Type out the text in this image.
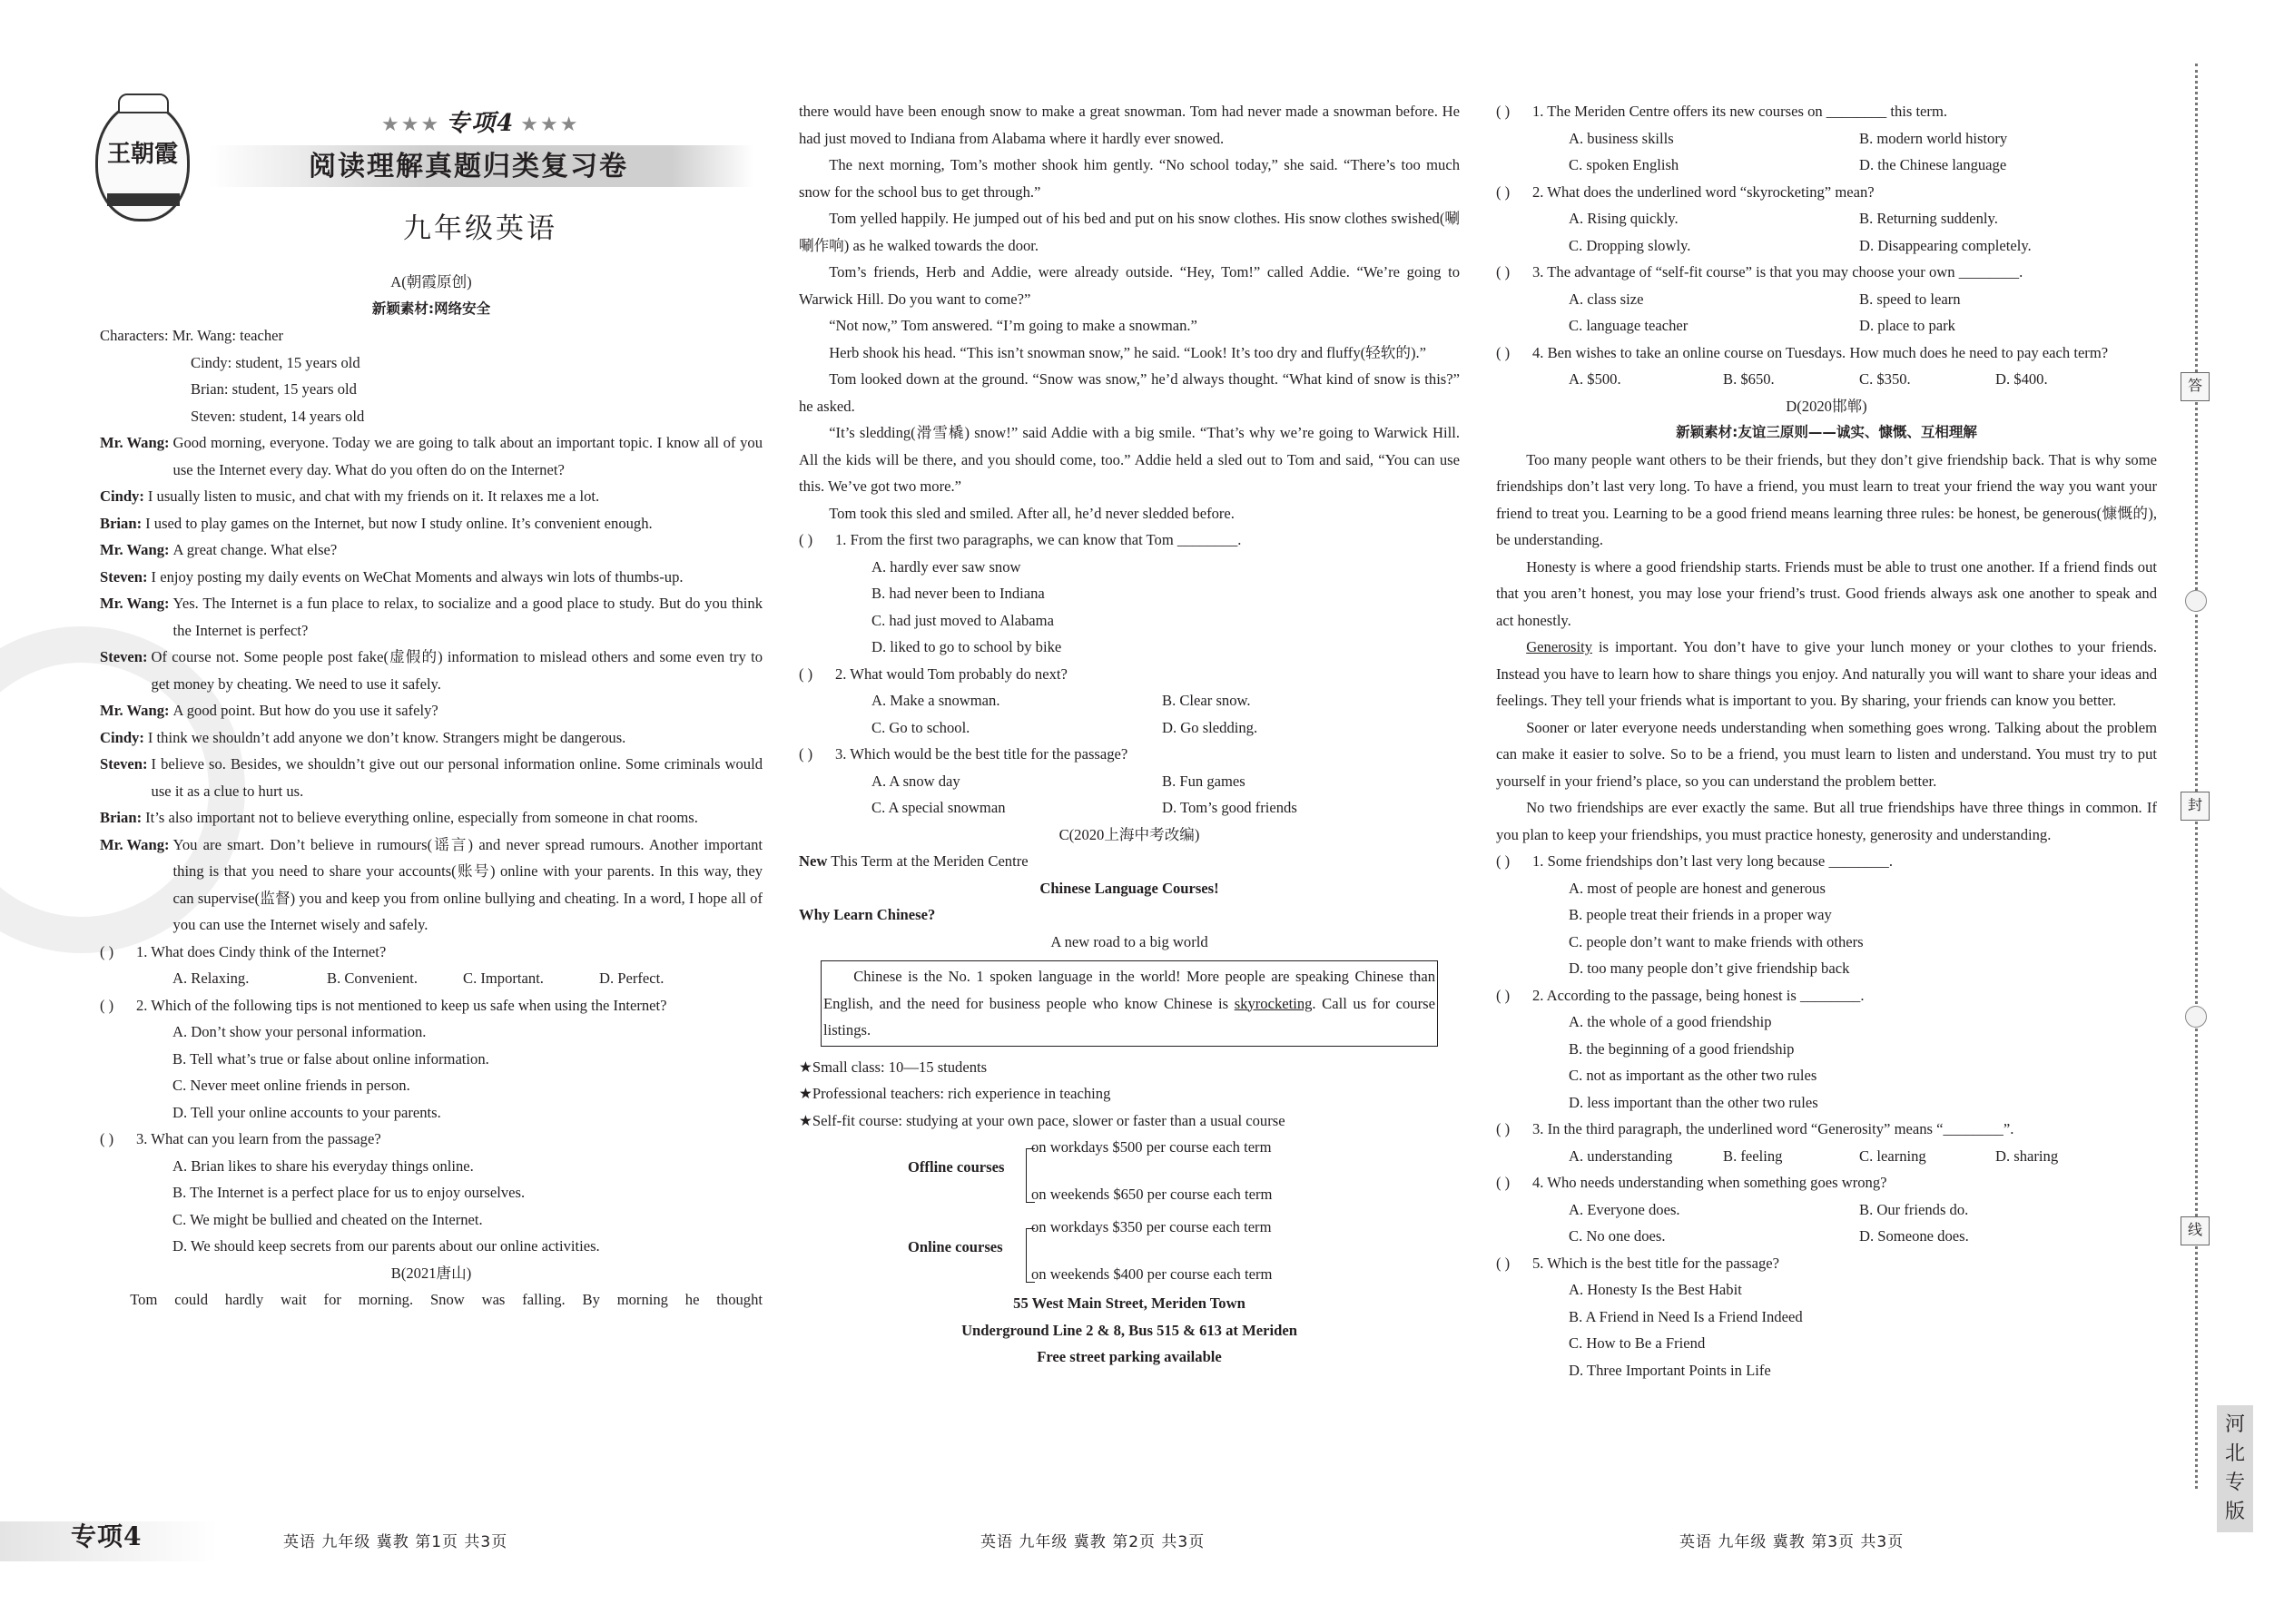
王朝霞
★★★ 专项4 ★★★
阅读理解真题归类复习卷
九年级英语
A(朝霞原创)
新颖素材:网络安全
Characters: Mr. Wang: teacher
Cindy: student, 15 years old
Brian: student, 15 years old
Steven: student, 14 years old
Mr. Wang: Good morning, everyone. Today we are going to talk about an important topic. I know all of you use the Internet every day. What do you often do on the Internet?
Cindy: I usually listen to music, and chat with my friends on it. It relaxes me a lot.
Brian: I used to play games on the Internet, but now I study online. It’s convenient enough.
Mr. Wang: A great change. What else?
Steven: I enjoy posting my daily events on WeChat Moments and always win lots of thumbs-up.
Mr. Wang: Yes. The Internet is a fun place to relax, to socialize and a good place to study. But do you think the Internet is perfect?
Steven: Of course not. Some people post fake(虚假的) information to mislead others and some even try to get money by cheating. We need to use it safely.
Mr. Wang: A good point. But how do you use it safely?
Cindy: I think we shouldn’t add anyone we don’t know. Strangers might be dangerous.
Steven: I believe so. Besides, we shouldn’t give out our personal information online. Some criminals would use it as a clue to hurt us.
Brian: It’s also important not to believe everything online, especially from someone in chat rooms.
Mr. Wang: You are smart. Don’t believe in rumours(谣言) and never spread rumours. Another important thing is that you need to share your accounts(账号) online with your parents. In this way, they can supervise(监督) you and keep you from online bullying and cheating. In a word, I hope all of you can use the Internet wisely and safely.
( )	1. What does Cindy think of the Internet?
A. Relaxing.	B. Convenient.	C. Important.	D. Perfect.
( )	2. Which of the following tips is not mentioned to keep us safe when using the Internet?
A. Don’t show your personal information.
B. Tell what’s true or false about online information.
C. Never meet online friends in person.
D. Tell your online accounts to your parents.
( )	3. What can you learn from the passage?
A. Brian likes to share his everyday things online.
B. The Internet is a perfect place for us to enjoy ourselves.
C. We might be bullied and cheated on the Internet.
D. We should keep secrets from our parents about our online activities.
B(2021唐山)
Tom could hardly wait for morning. Snow was falling. By morning he thought
there would have been enough snow to make a great snowman. Tom had never made a snowman before. He had just moved to Indiana from Alabama where it hardly ever snowed.
The next morning, Tom’s mother shook him gently. “No school today,” she said. “There’s too much snow for the school bus to get through.”
Tom yelled happily. He jumped out of his bed and put on his snow clothes. His snow clothes swished(唰唰作响) as he walked towards the door.
Tom’s friends, Herb and Addie, were already outside. “Hey, Tom!” called Addie. “We’re going to Warwick Hill. Do you want to come?”
“Not now,” Tom answered. “I’m going to make a snowman.”
Herb shook his head. “This isn’t snowman snow,” he said. “Look! It’s too dry and fluffy(轻软的).”
Tom looked down at the ground. “Snow was snow,” he’d always thought. “What kind of snow is this?” he asked.
“It’s sledding(滑雪橇) snow!” said Addie with a big smile. “That’s why we’re going to Warwick Hill. All the kids will be there, and you should come, too.” Addie held a sled out to Tom and said, “You can use this. We’ve got two more.”
Tom took this sled and smiled. After all, he’d never sledded before.
( )	1. From the first two paragraphs, we can know that Tom ________.
A. hardly ever saw snow
B. had never been to Indiana
C. had just moved to Alabama
D. liked to go to school by bike
( )	2. What would Tom probably do next?
A. Make a snowman.	B. Clear snow.
C. Go to school.	D. Go sledding.
( )	3. Which would be the best title for the passage?
A. A snow day	B. Fun games
C. A special snowman	D. Tom’s good friends
C(2020上海中考改编)
New This Term at the Meriden Centre
Chinese Language Courses!
Why Learn Chinese?
A new road to a big world
Chinese is the No. 1 spoken language in the world! More people are speaking Chinese than English, and the need for business people who know Chinese is skyrocketing. Call us for course listings.
★Small class: 10—15 students
★Professional teachers: rich experience in teaching
★Self-fit course: studying at your own pace, slower or faster than a usual course
Offline courses
on workdays $500 per course each term
on weekends $650 per course each term
Online courses
on workdays $350 per course each term
on weekends $400 per course each term
55 West Main Street, Meriden Town
Underground Line 2 & 8, Bus 515 & 613 at Meriden
Free street parking available
( )	1. The Meriden Centre offers its new courses on ________ this term.
A. business skills	B. modern world history
C. spoken English	D. the Chinese language
( )	2. What does the underlined word “skyrocketing” mean?
A. Rising quickly.	B. Returning suddenly.
C. Dropping slowly.	D. Disappearing completely.
( )	3. The advantage of “self-fit course” is that you may choose your own ________.
A. class size	B. speed to learn
C. language teacher	D. place to park
( )	4. Ben wishes to take an online course on Tuesdays. How much does he need to pay each term?
A. $500.	B. $650.	C. $350.	D. $400.
D(2020邯郸)
新颖素材:友谊三原则——诚实、慷慨、互相理解
Too many people want others to be their friends, but they don’t give friendship back. That is why some friendships don’t last very long. To have a friend, you must learn to treat your friend the way you want your friend to treat you. Learning to be a good friend means learning three rules: be honest, be generous(慷慨的), be understanding.
Honesty is where a good friendship starts. Friends must be able to trust one another. If a friend finds out that you aren’t honest, you may lose your friend’s trust. Good friends always ask one another to speak and act honestly.
Generosity is important. You don’t have to give your lunch money or your clothes to your friends. Instead you have to learn how to share things you enjoy. And naturally you will want to share your ideas and feelings. They tell your friends what is important to you. By sharing, your friends can know you better.
Sooner or later everyone needs understanding when something goes wrong. Talking about the problem can make it easier to solve. So to be a friend, you must learn to listen and understand. You must try to put yourself in your friend’s place, so you can understand the problem better.
No two friendships are ever exactly the same. But all true friendships have three things in common. If you plan to keep your friendships, you must practice honesty, generosity and understanding.
( )	1. Some friendships don’t last very long because ________.
A. most of people are honest and generous
B. people treat their friends in a proper way
C. people don’t want to make friends with others
D. too many people don’t give friendship back
( )	2. According to the passage, being honest is ________.
A. the whole of a good friendship
B. the beginning of a good friendship
C. not as important as the other two rules
D. less important than the other two rules
( )	3. In the third paragraph, the underlined word “Generosity” means “________”.
A. understanding	B. feeling	C. learning	D. sharing
( )	4. Who needs understanding when something goes wrong?
A. Everyone does.	B. Our friends do.
C. No one does.	D. Someone does.
( )	5. Which is the best title for the passage?
A. Honesty Is the Best Habit
B. A Friend in Need Is a Friend Indeed
C. How to Be a Friend
D. Three Important Points in Life
专项4	英语 九年级 冀教 第1页 共3页	英语 九年级 冀教 第2页 共3页	英语 九年级 冀教 第3页 共3页
答
封
线
河北专版
